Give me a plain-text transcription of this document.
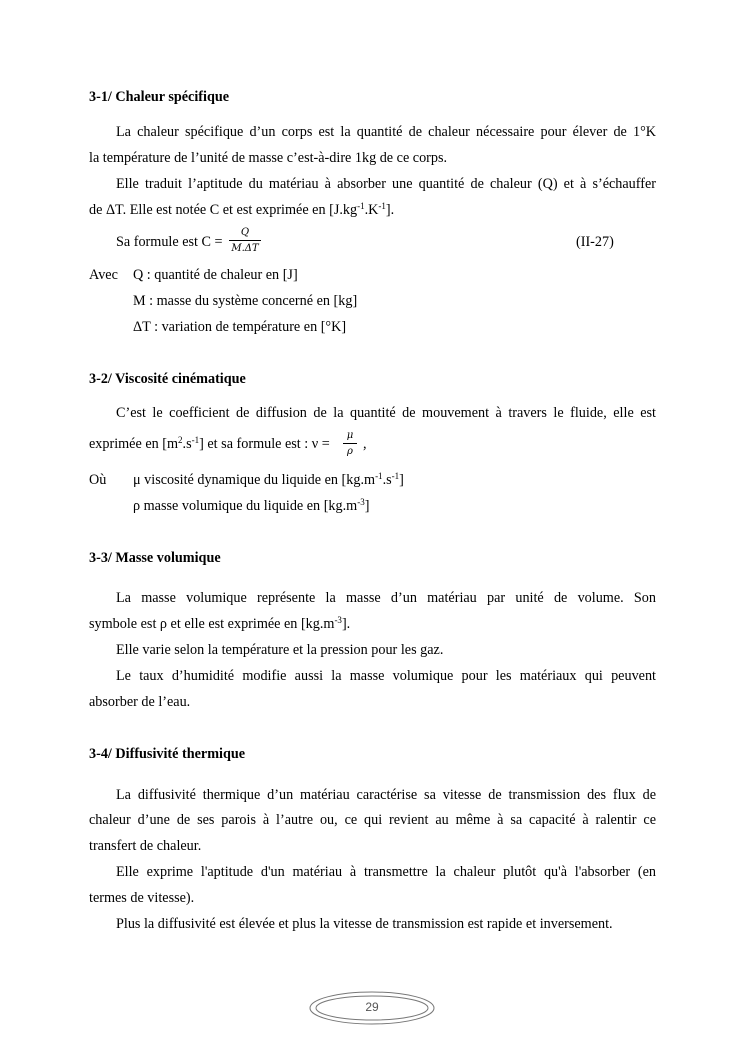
3-1/ Chaleur spécifique
La chaleur spécifique d’un corps est la quantité de chaleur nécessaire pour élever de 1°K
la température de l’unité de masse c’est-à-dire 1kg de ce corps.
Elle traduit l’aptitude du matériau à absorber une quantité de chaleur (Q) et à s’échauffer
de ΔT. Elle est notée C et est exprimée en $[J.kg^{-1}.K^{-1}]$.
Sa formule est C =
Q
M.ΔT	(II-27)
Avec Q : quantité de chaleur en [J]
M : masse du système concerné en [kg]
ΔT : variation de température en [°K]
3-2/ Viscosité cinématique
C’est le coefficient de diffusion de la quantité de mouvement à travers le fluide, elle est
exprimée en $[m^2.s^{-1}]$ et sa formule est : ν =
μ
ρ ,
Où μ viscosité dynamique du liquide en $[kg.m^{-1}.s^{-1}]$
ρ masse volumique du liquide en $[kg.m^{-3}]$
3-3/ Masse volumique
La masse volumique représente la masse d’un matériau par unité de volume. Son
symbole est ρ et elle est exprimée en $[kg.m^{-3}]$.
Elle varie selon la température et la pression pour les gaz.
Le taux d’humidité modifie aussi la masse volumique pour les matériaux qui peuvent
absorber de l’eau.
3-4/ Diffusivité thermique
La diffusivité thermique d’un matériau caractérise sa vitesse de transmission des flux de
chaleur d’une de ses parois à l’autre ou, ce qui revient au même à sa capacité à ralentir ce
transfert de chaleur.
Elle exprime l'aptitude d'un matériau à transmettre la chaleur plutôt qu'à l'absorber (en
termes de vitesse).
Plus la diffusivité est élevée et plus la vitesse de transmission est rapide et inversement.
29
